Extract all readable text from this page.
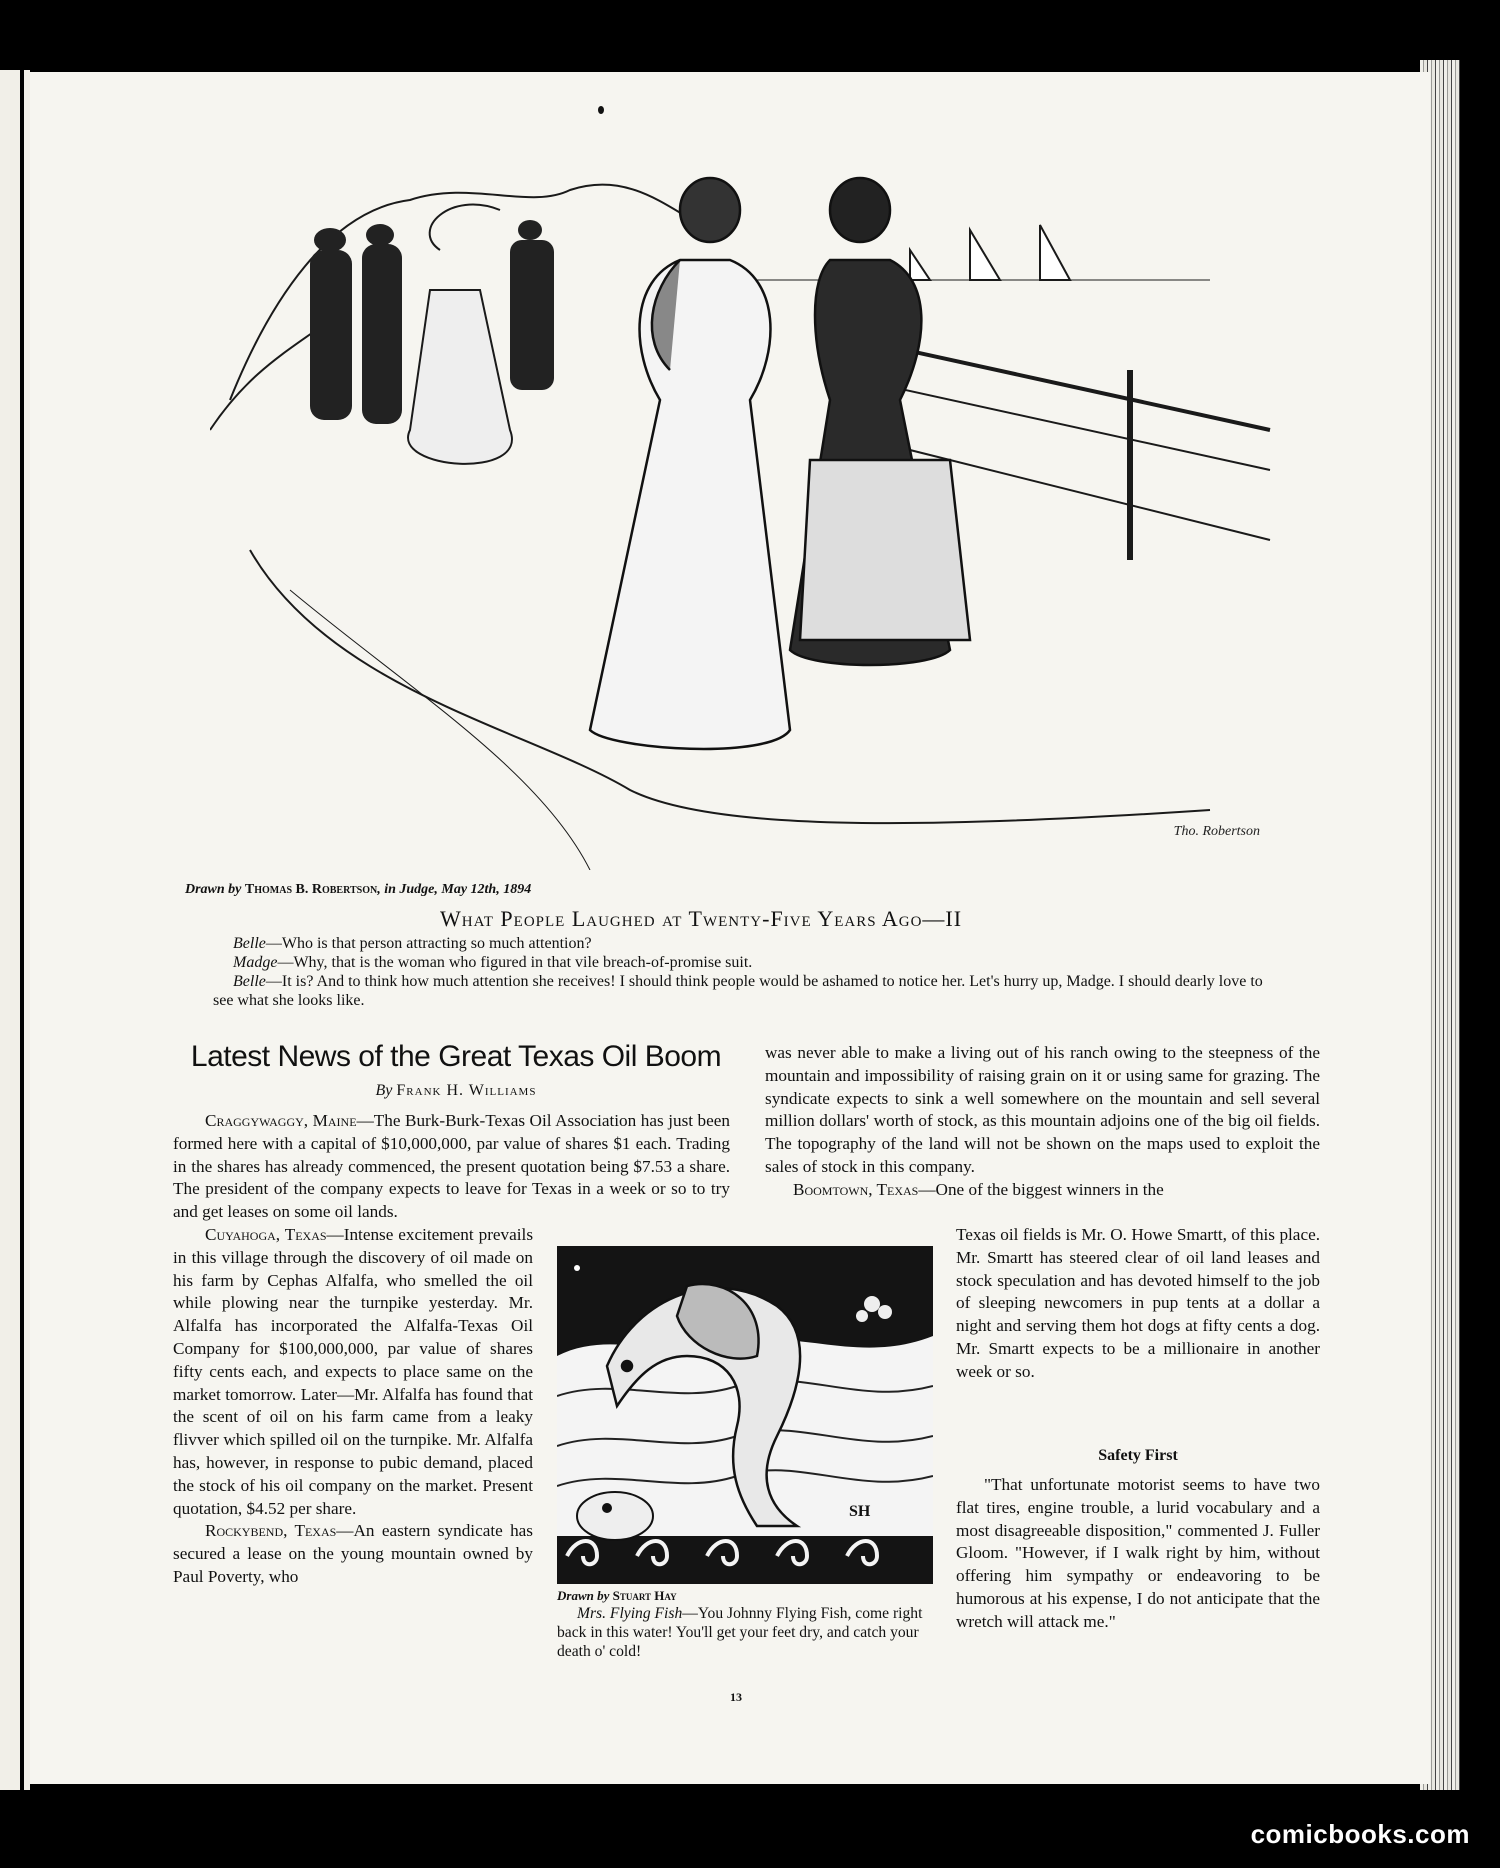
Tho. Robertson
Drawn by Thomas B. Robertson, in Judge, May 12th, 1894
What People Laughed at Twenty-Five Years Ago—II

Belle—Who is that person attracting so much attention?

Madge—Why, that is the woman who figured in that vile breach-of-promise suit.

Belle—It is? And to think how much attention she receives! I should think people would be ashamed to notice her. Let's hurry up, Madge. I should dearly love to see what she looks like.

Latest News of the Great Texas Oil Boom
By Frank H. Williams

Craggywaggy, Maine—The Burk-Burk-Texas Oil Association has just been formed here with a capital of $10,000,000, par value of shares $1 each. Trading in the shares has already commenced, the present quotation being $7.53 a share. The president of the company expects to leave for Texas in a week or so to try and get leases on some oil lands.

Cuyahoga, Texas—Intense excitement prevails in this village through the discovery of oil made on his farm by Cephas Alfalfa, who smelled the oil while plowing near the turnpike yesterday. Mr. Alfalfa has incorporated the Alfalfa-Texas Oil Company for $100,000,000, par value of shares fifty cents each, and expects to place same on the market tomorrow. Later—Mr. Alfalfa has found that the scent of oil on his farm came from a leaky flivver which spilled oil on the turnpike. Mr. Alfalfa has, however, in response to pubic demand, placed the stock of his oil company on the market. Present quotation, $4.52 per share.

Rockybend, Texas—An eastern syndicate has secured a lease on the young mountain owned by Paul Poverty, who

was never able to make a living out of his ranch owing to the steepness of the mountain and impossibility of raising grain on it or using same for grazing. The syndicate expects to sink a well somewhere on the mountain and sell several million dollars' worth of stock, as this mountain adjoins one of the big oil fields. The topography of the land will not be shown on the maps used to exploit the sales of stock in this company.

Boomtown, Texas—One of the biggest winners in the

Texas oil fields is Mr. O. Howe Smartt, of this place. Mr. Smartt has steered clear of oil land leases and stock speculation and has devoted himself to the job of sleeping newcomers in pup tents at a dollar a night and serving them hot dogs at fifty cents a dog. Mr. Smartt expects to be a millionaire in another week or so.

Safety First

"That unfortunate motorist seems to have two flat tires, engine trouble, a lurid vocabulary and a most disagreeable disposition," commented J. Fuller Gloom. "However, if I walk right by him, without offering him sympathy or endeavoring to be humorous at his expense, I do not anticipate that the wretch will attack me."

SH
Drawn by Stuart Hay

Mrs. Flying Fish—You Johnny Flying Fish, come right back in this water! You'll get your feet dry, and catch your death o' cold!

13
comicbooks.com
